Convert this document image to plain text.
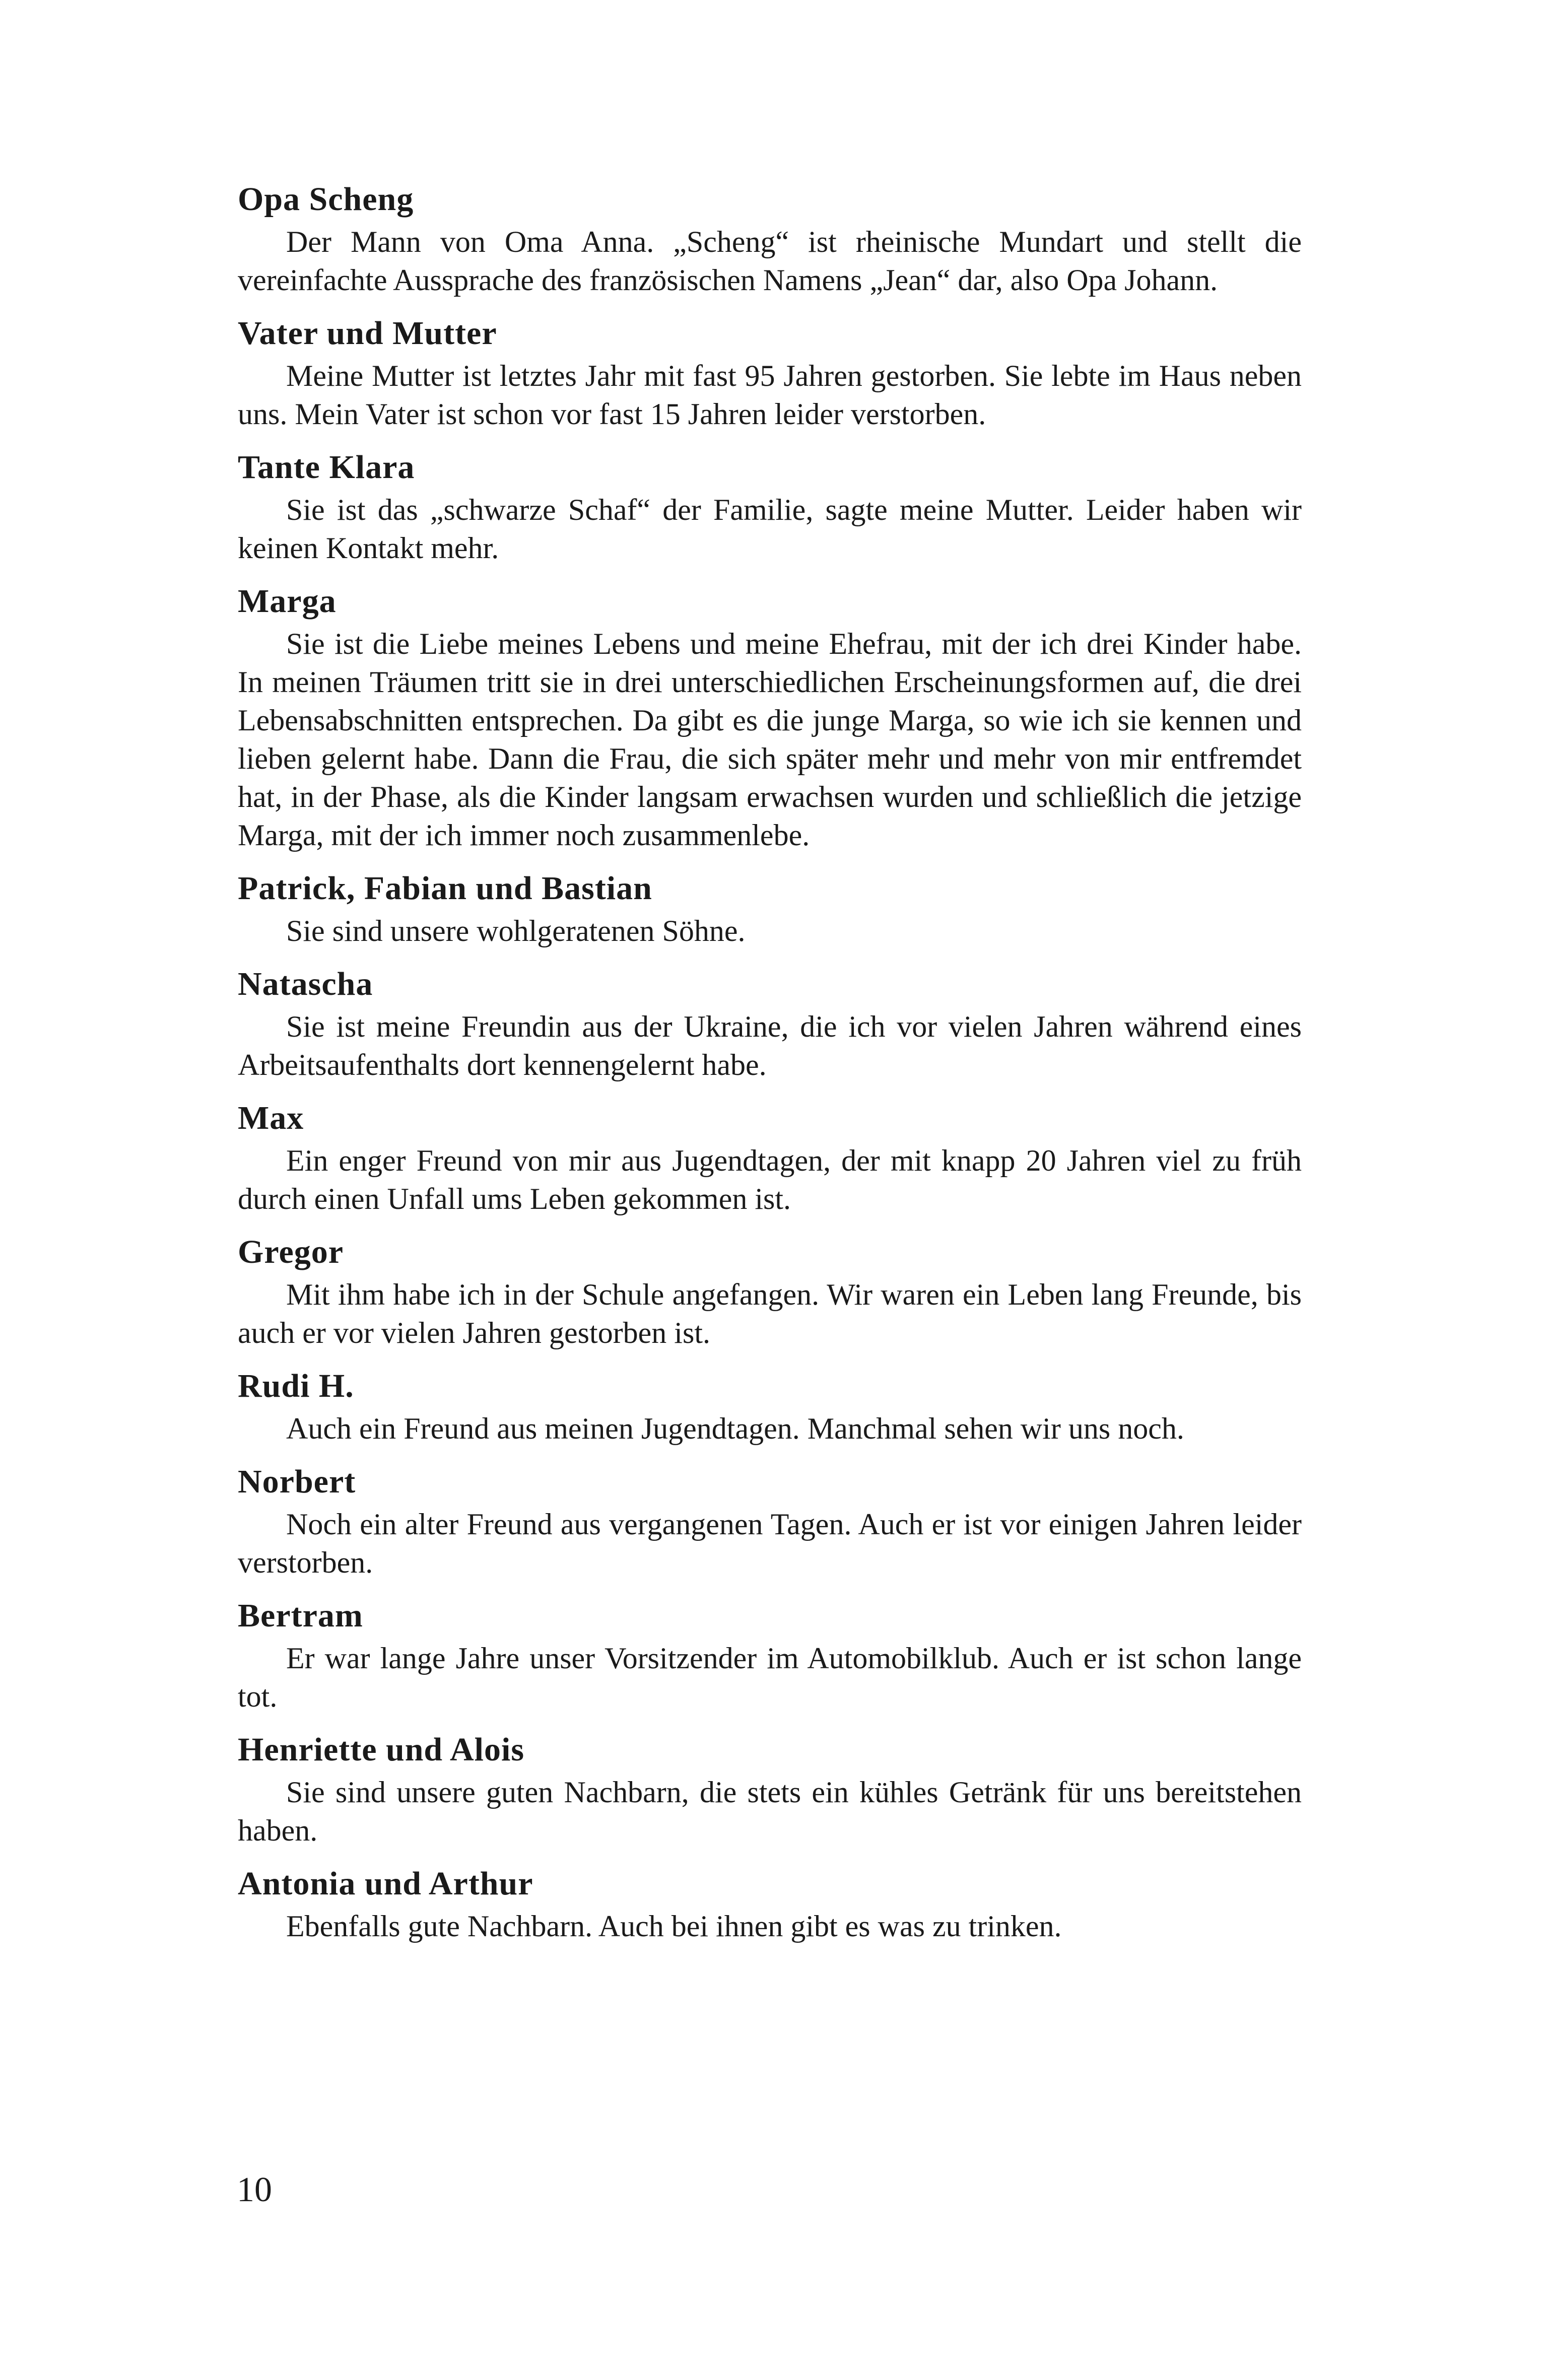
Opa Scheng

Der Mann von Oma Anna. „Scheng“ ist rheinische Mundart und stellt die vereinfachte Aussprache des französischen Namens „Jean“ dar, also Opa Johann.

Vater und Mutter

Meine Mutter ist letztes Jahr mit fast 95 Jahren gestorben. Sie lebte im Haus neben uns. Mein Vater ist schon vor fast 15 Jahren leider verstorben.

Tante Klara

Sie ist das „schwarze Schaf“ der Familie, sagte meine Mutter. Leider haben wir keinen Kontakt mehr.

Marga

Sie ist die Liebe meines Lebens und meine Ehefrau, mit der ich drei Kinder habe. In meinen Träumen tritt sie in drei unterschiedlichen Erscheinungsformen auf, die drei Lebensabschnitten entsprechen. Da gibt es die junge Marga, so wie ich sie kennen und lieben gelernt habe. Dann die Frau, die sich später mehr und mehr von mir entfremdet hat, in der Phase, als die Kinder langsam erwachsen wurden und schließlich die jetzige Marga, mit der ich immer noch zusammenlebe.

Patrick, Fabian und Bastian

Sie sind unsere wohlgeratenen Söhne.

Natascha

Sie ist meine Freundin aus der Ukraine, die ich vor vielen Jahren während eines Arbeitsaufenthalts dort kennengelernt habe.

Max

Ein enger Freund von mir aus Jugendtagen, der mit knapp 20 Jahren viel zu früh durch einen Unfall ums Leben gekommen ist.

Gregor

Mit ihm habe ich in der Schule angefangen. Wir waren ein Leben lang Freunde, bis auch er vor vielen Jahren gestorben ist.

Rudi H.

Auch ein Freund aus meinen Jugendtagen. Manchmal sehen wir uns noch.

Norbert

Noch ein alter Freund aus vergangenen Tagen. Auch er ist vor einigen Jahren leider verstorben.

Bertram

Er war lange Jahre unser Vorsitzender im Automobilklub. Auch er ist schon lange tot.

Henriette und Alois

Sie sind unsere guten Nachbarn, die stets ein kühles Getränk für uns bereitstehen haben.

Antonia und Arthur

Ebenfalls gute Nachbarn. Auch bei ihnen gibt es was zu trinken.

10
